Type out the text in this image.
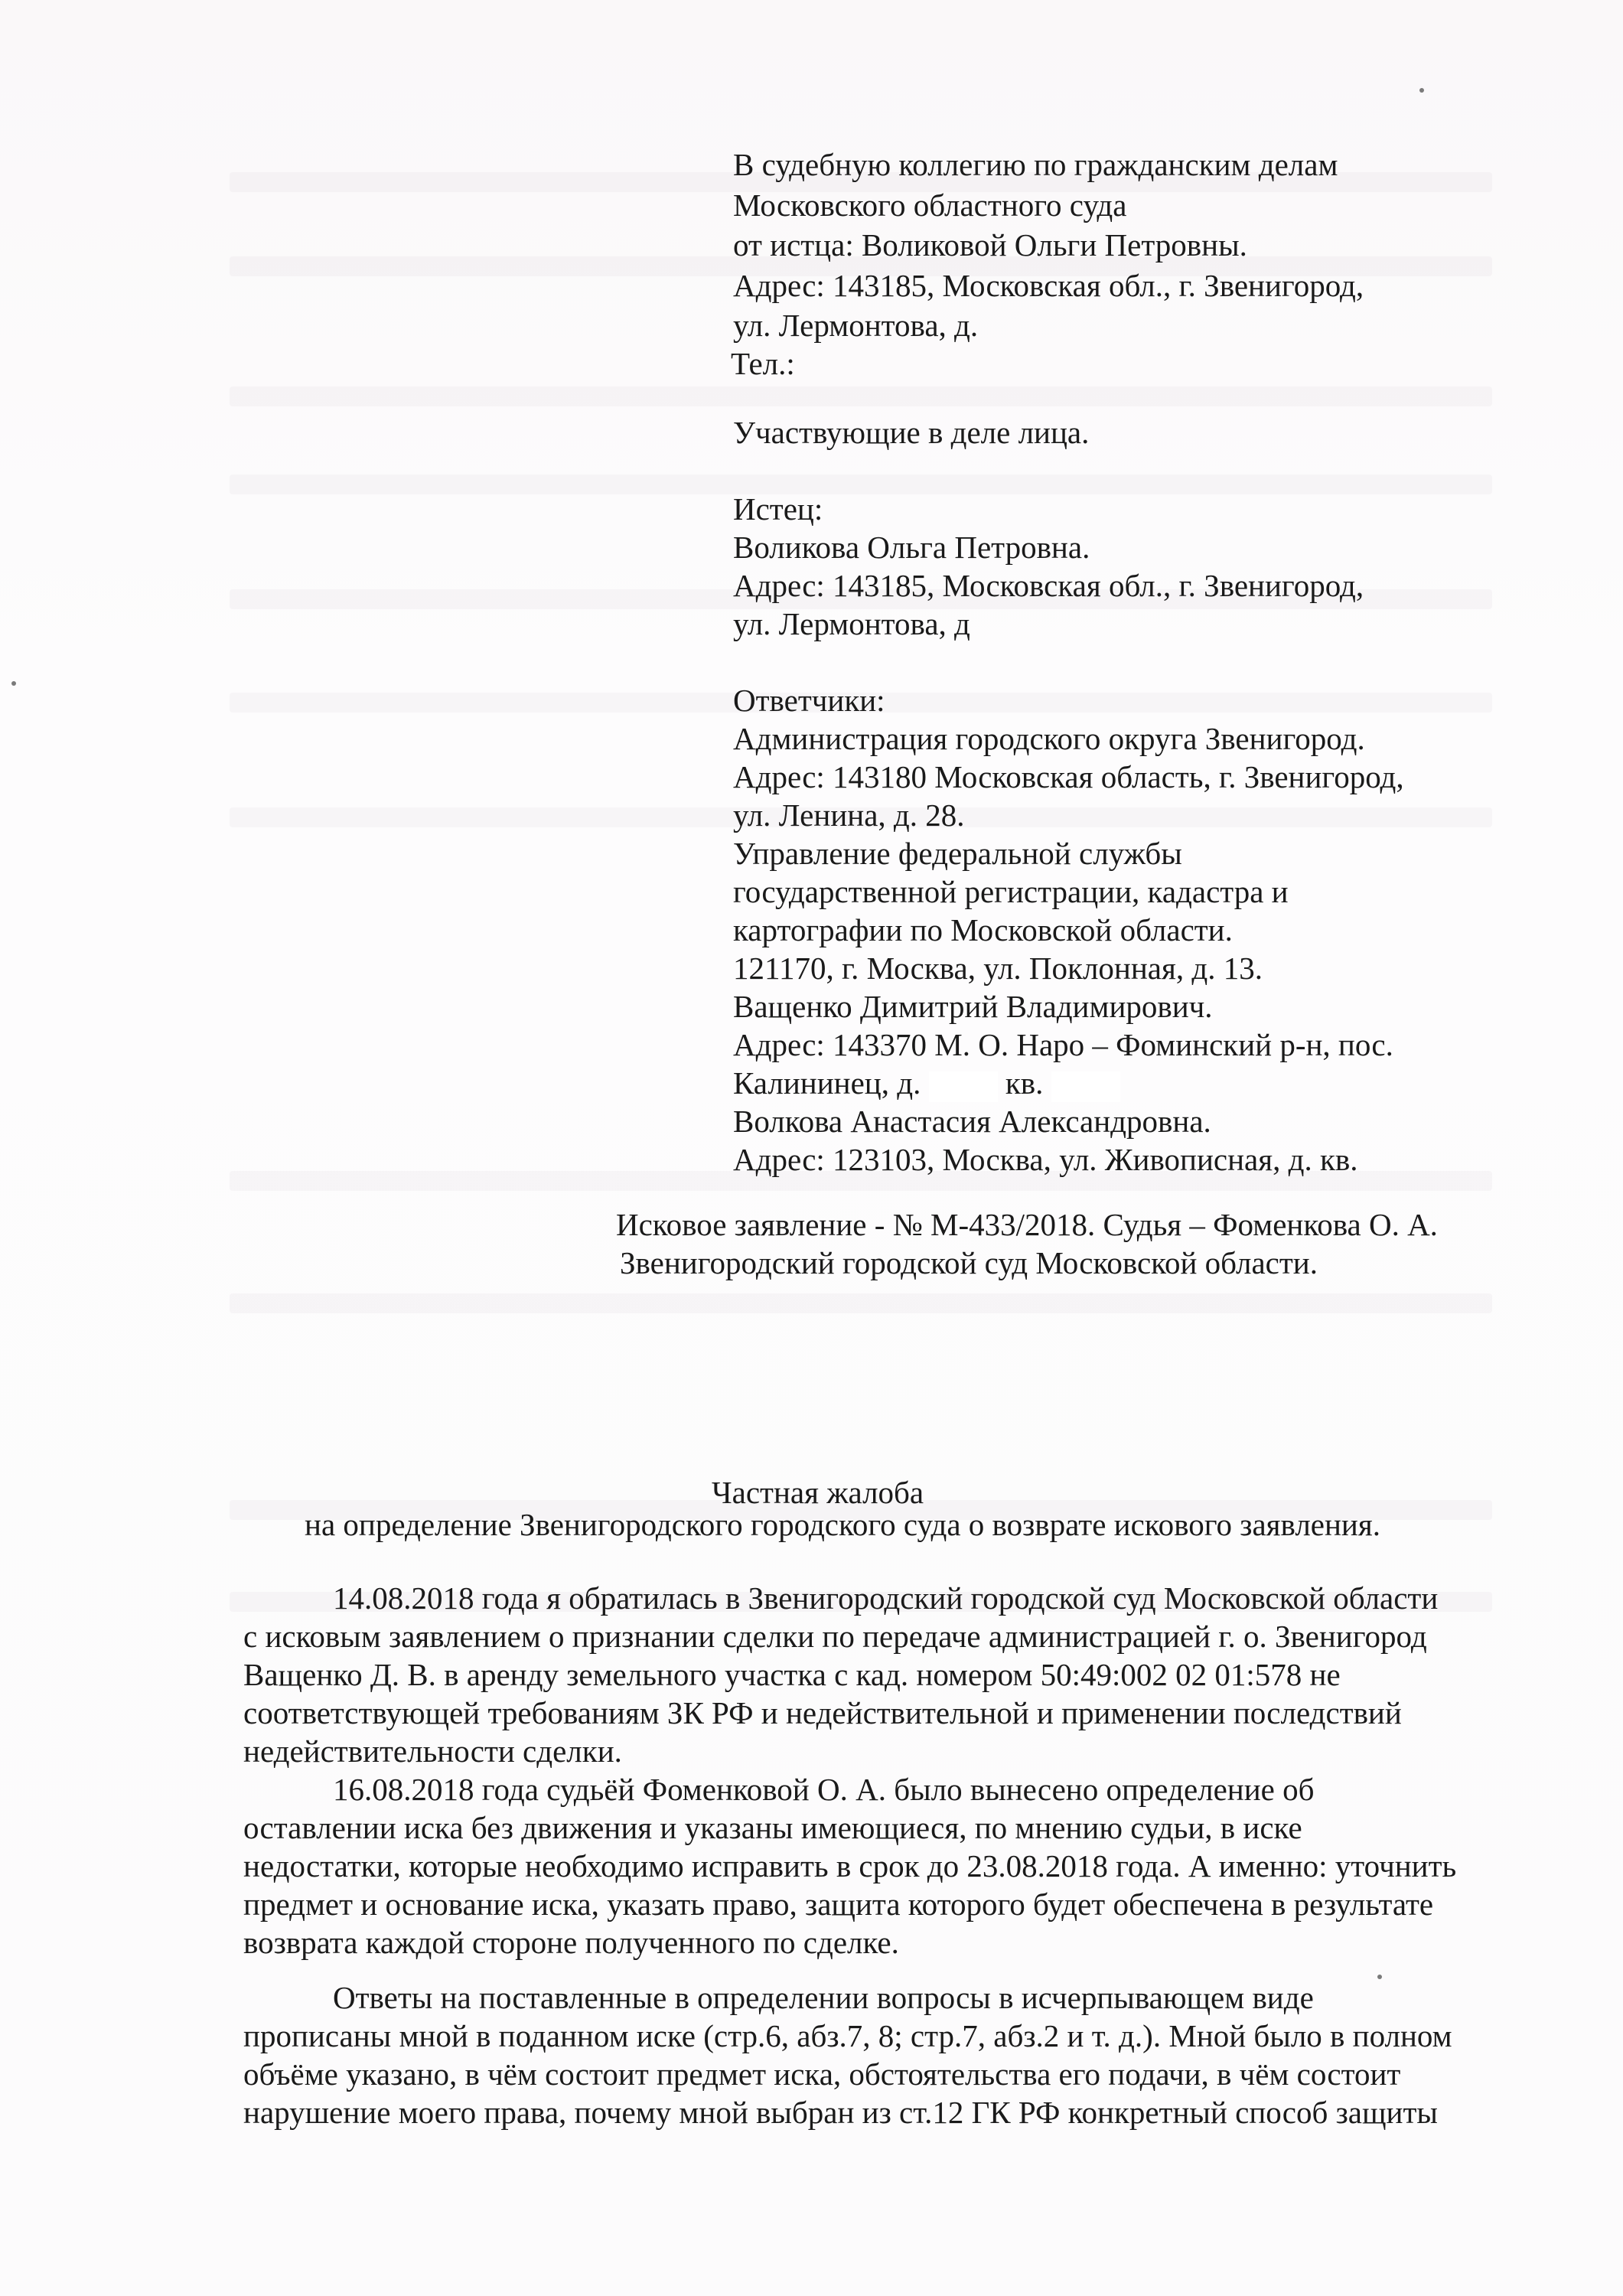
В судебную коллегию по гражданским делам
Московского областного суда
от истца: Воликовой Ольги Петровны.
Адрес: 143185, Московская обл., г. Звенигород,
ул. Лермонтова, д.
Тел.:
Участвующие в деле лица.
Истец:
Воликова Ольга Петровна.
Адрес: 143185, Московская обл., г. Звенигород,
ул. Лермонтова, д
Ответчики:
Администрация городского округа Звенигород.
Адрес: 143180 Московская область, г. Звенигород,
ул. Ленина, д. 28.
Управление федеральной службы
государственной регистрации, кадастра и
картографии по Московской области.
121170, г. Москва, ул. Поклонная, д. 13.
Ващенко Димитрий Владимирович.
Адрес: 143370 М. О. Наро – Фоминский р-н, пос.
Калининец, д.	кв.
Волкова Анастасия Александровна.
Адрес: 123103, Москва, ул. Живописная, д. кв.
Исковое заявление - № М-433/2018. Судья – Фоменкова О. А.
Звенигородский городской суд Московской области.
Частная жалоба
на определение Звенигородского городского суда о возврате искового заявления.
14.08.2018 года я обратилась в Звенигородский городской суд Московской области
с исковым заявлением о признании сделки по передаче администрацией г. о. Звенигород
Ващенко Д. В. в аренду земельного участка с кад. номером 50:49:002 02 01:578 не
соответствующей требованиям ЗК РФ и недействительной и применении последствий
недействительности сделки.
16.08.2018 года судьёй Фоменковой О. А. было вынесено определение об
оставлении иска без движения и указаны имеющиеся, по мнению судьи, в иске
недостатки, которые необходимо исправить в срок до 23.08.2018 года. А именно: уточнить
предмет и основание иска, указать право, защита которого будет обеспечена в результате
возврата каждой стороне полученного по сделке.
Ответы на поставленные в определении вопросы в исчерпывающем виде
прописаны мной в поданном иске (стр.6, абз.7, 8; стр.7, абз.2 и т. д.). Мной было в полном
объёме указано, в чём состоит предмет иска, обстоятельства его подачи, в чём состоит
нарушение моего права, почему мной выбран из ст.12 ГК РФ конкретный способ защиты
